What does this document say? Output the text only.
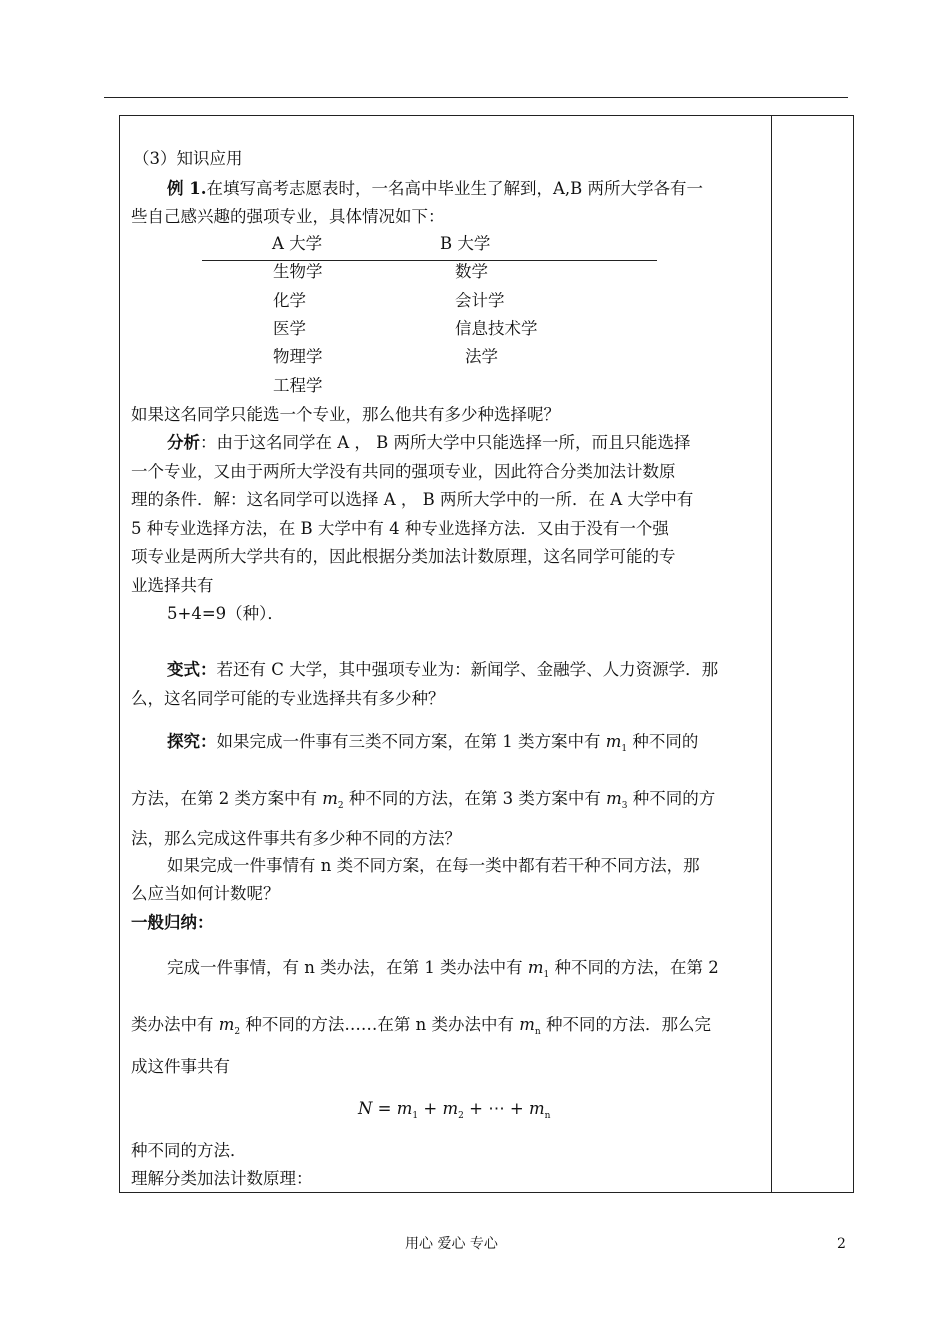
（3）知识应用
例 1.在填写高考志愿表时，一名高中毕业生了解到，A,B 两所大学各有一
些自己感兴趣的强项专业，具体情况如下：
A 大学	B 大学
生物学
化学
医学
物理学
工程学
数学
会计学
信息技术学
法学
如果这名同学只能选一个专业，那么他共有多少种选择呢？
分析：由于这名同学在 A ， B 两所大学中只能选择一所，而且只能选择
一个专业，又由于两所大学没有共同的强项专业，因此符合分类加法计数原
理的条件．解：这名同学可以选择 A ， B 两所大学中的一所．在 A 大学中有
5 种专业选择方法，在 B 大学中有 4 种专业选择方法．又由于没有一个强
项专业是两所大学共有的，因此根据分类加法计数原理，这名同学可能的专
业选择共有
5+4=9（种）．
变式：若还有 C 大学，其中强项专业为：新闻学、金融学、人力资源学．那
么，这名同学可能的专业选择共有多少种？
探究：如果完成一件事有三类不同方案，在第 1 类方案中有 $m_1$ 种不同的
方法，在第 2 类方案中有 $m_2$ 种不同的方法，在第 3 类方案中有 $m_3$ 种不同的方
法，那么完成这件事共有多少种不同的方法？
如果完成一件事情有 n 类不同方案，在每一类中都有若干种不同方法，那
么应当如何计数呢？
一般归纳：
完成一件事情，有 n 类办法，在第 1 类办法中有 $m_1$ 种不同的方法，在第 2
类办法中有 $m_2$ 种不同的方法……在第 n 类办法中有 $m_n$ 种不同的方法．那么完
成这件事共有
$N = m_1 + m_2$ + ⋯ + $m_n$
种不同的方法．
理解分类加法计数原理：
用心 爱心 专心	2
